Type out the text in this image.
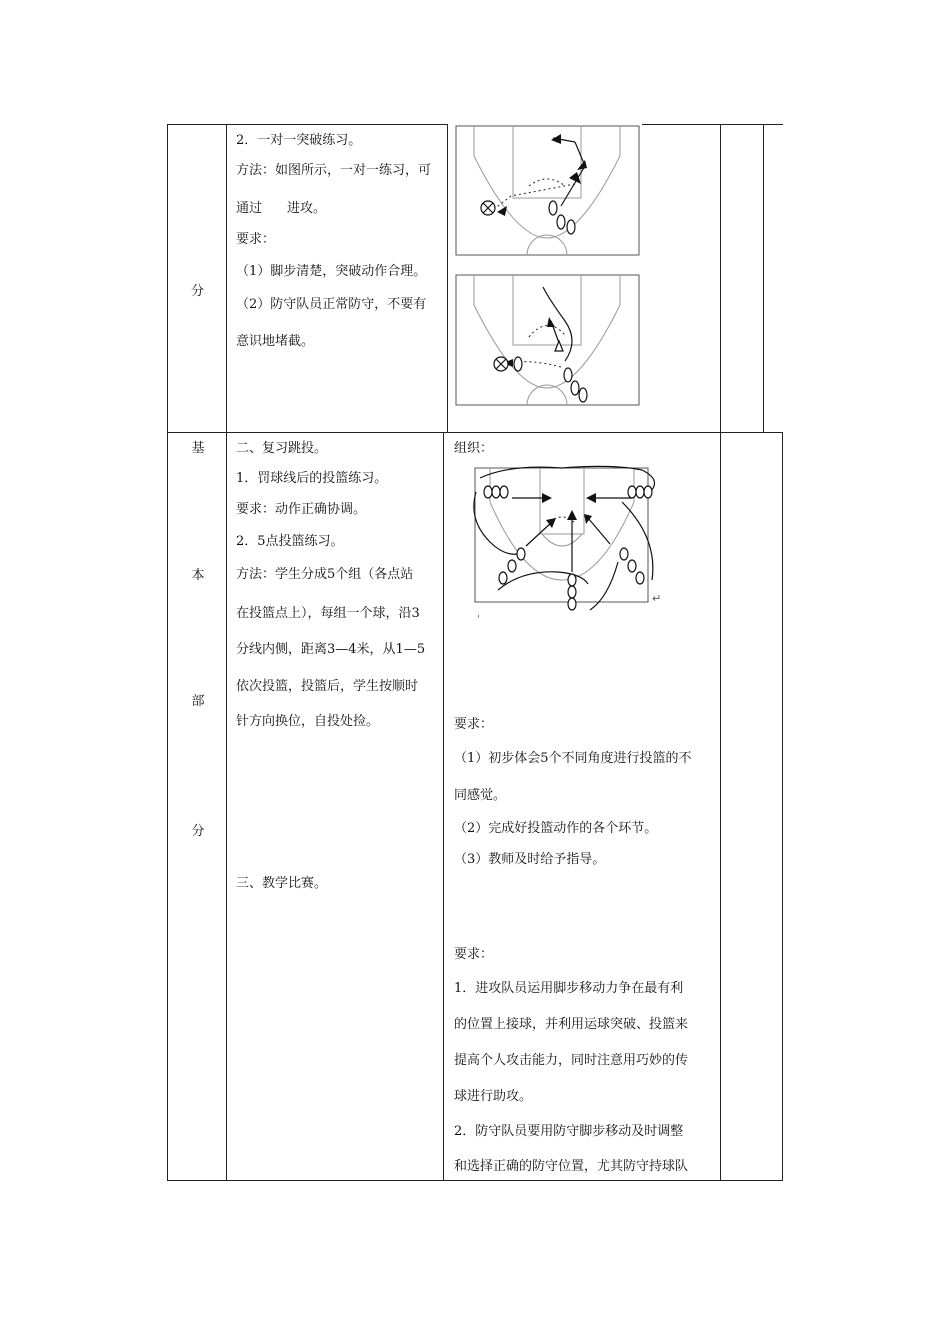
分
2．一对一突破练习。
方法：如图所示，一对一练习，可
通过 进攻。
要求：
（1）脚步清楚，突破动作合理。
（2）防守队员正常防守，不要有
意识地堵截。
基
本
部
分
二、复习跳投。
1．罚球线后的投篮练习。
要求：动作正确协调。
2．5点投篮练习。
方法：学生分成5个组（各点站
在投篮点上），每组一个球，沿3
分线内侧，距离3—4米，从1—5
依次投篮，投篮后，学生按顺时
针方向换位，自投处捡。
三、教学比赛。
组织：
↵
'
要求：
（1）初步体会5个不同角度进行投篮的不
同感觉。
（2）完成好投篮动作的各个环节。
（3）教师及时给予指导。
要求：
1．进攻队员运用脚步移动力争在最有利
的位置上接球，并利用运球突破、投篮来
提高个人攻击能力，同时注意用巧妙的传
球进行助攻。
2．防守队员要用防守脚步移动及时调整
和选择正确的防守位置，尤其防守持球队
